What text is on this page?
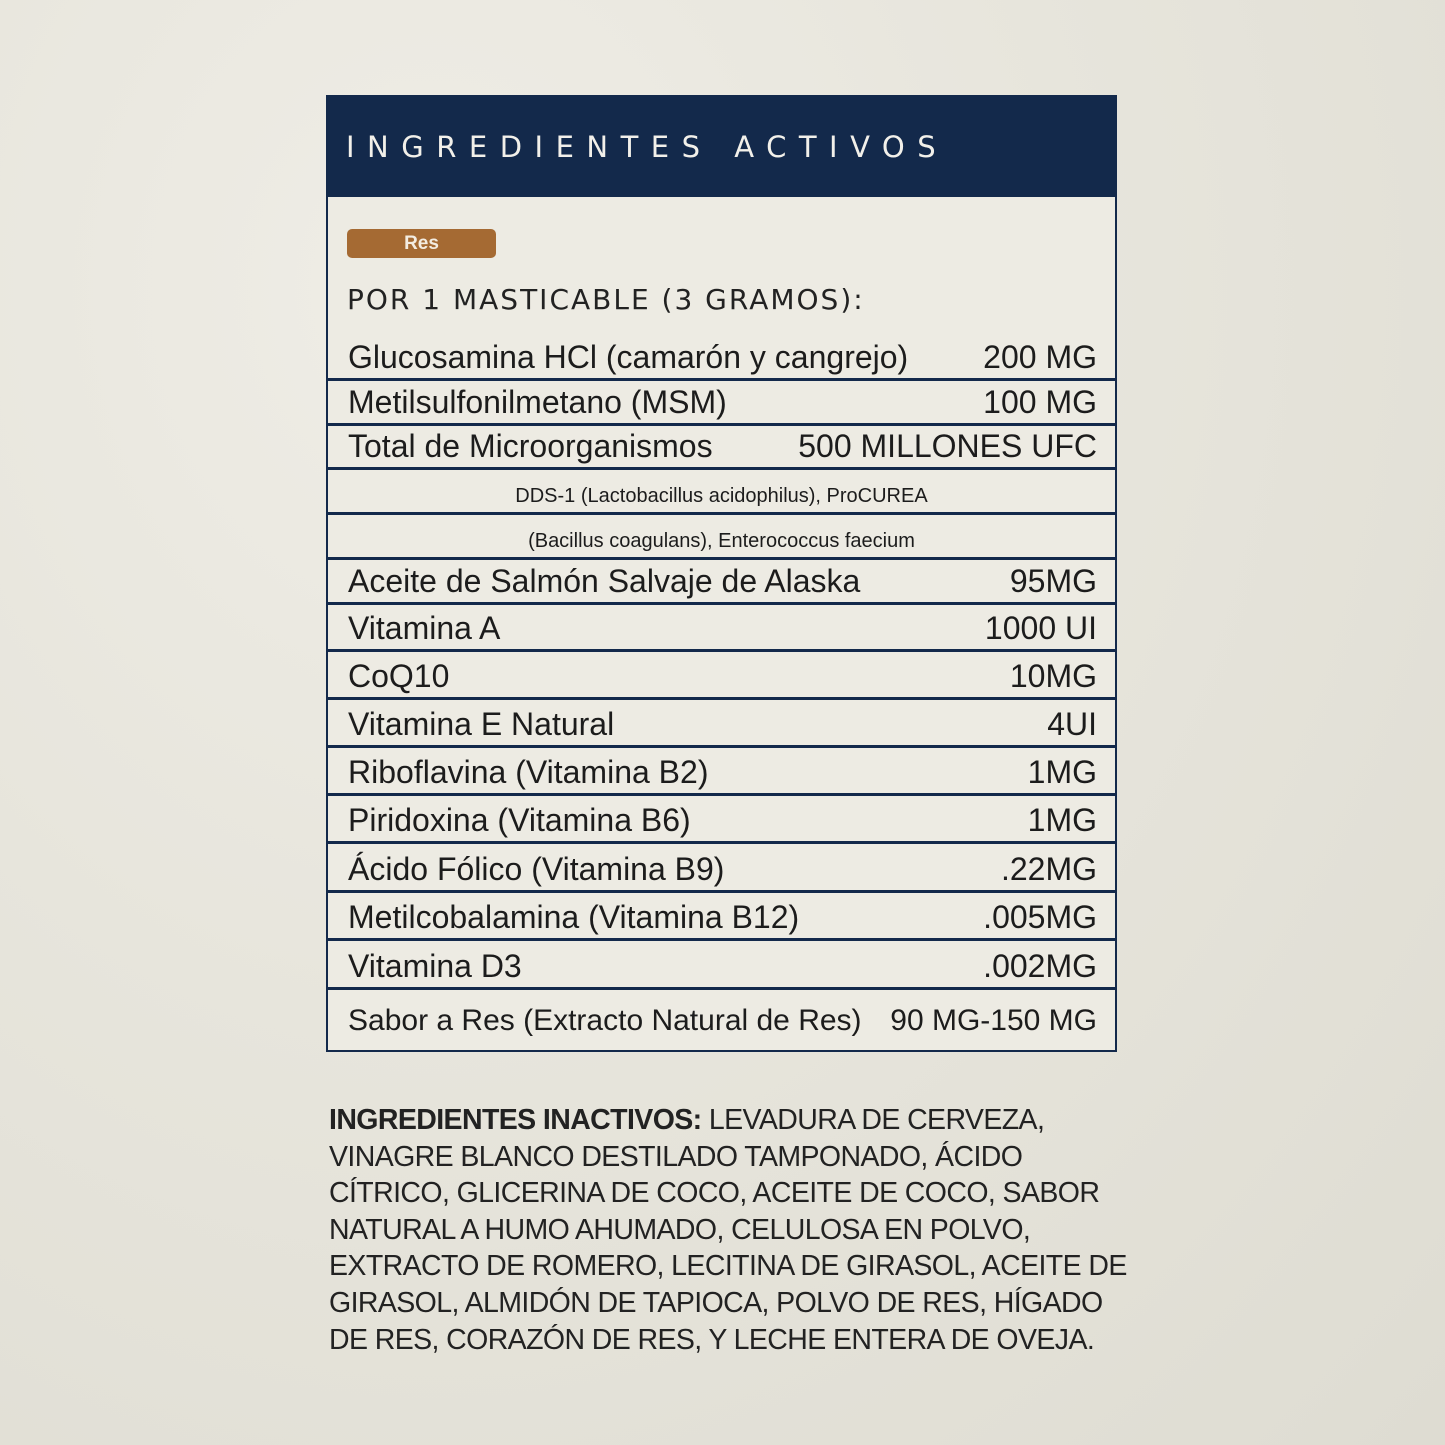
INGREDIENTES ACTIVOS
Res
POR 1 MASTICABLE (3 GRAMOS):
Glucosamina HCl (camarón y cangrejo) 200 MG
Metilsulfonilmetano (MSM)	100 MG
Total de Microorganismos	500 MILLONES UFC
DDS-1 (Lactobacillus acidophilus), ProCUREA
(Bacillus coagulans), Enterococcus faecium
Aceite de Salmón Salvaje de Alaska	95MG
Vitamina A	1000 UI
CoQ10	10MG
Vitamina E Natural	4UI
Riboflavina (Vitamina B2)	1MG
Piridoxina (Vitamina B6)	1MG
Ácido Fólico (Vitamina B9)	.22MG
Metilcobalamina (Vitamina B12)	.005MG
Vitamina D3	.002MG
Sabor a Res (Extracto Natural de Res) 90 MG-150 MG
INGREDIENTES INACTIVOS: LEVADURA DE CERVEZA, VINAGRE BLANCO DESTILADO TAMPONADO, ÁCIDO CÍTRICO, GLICERINA DE COCO, ACEITE DE COCO, SABOR NATURAL A HUMO AHUMADO, CELULOSA EN POLVO, EXTRACTO DE ROMERO, LECITINA DE GIRASOL, ACEITE DE GIRASOL, ALMIDÓN DE TAPIOCA, POLVO DE RES, HÍGADO DE RES, CORAZÓN DE RES, Y LECHE ENTERA DE OVEJA.
